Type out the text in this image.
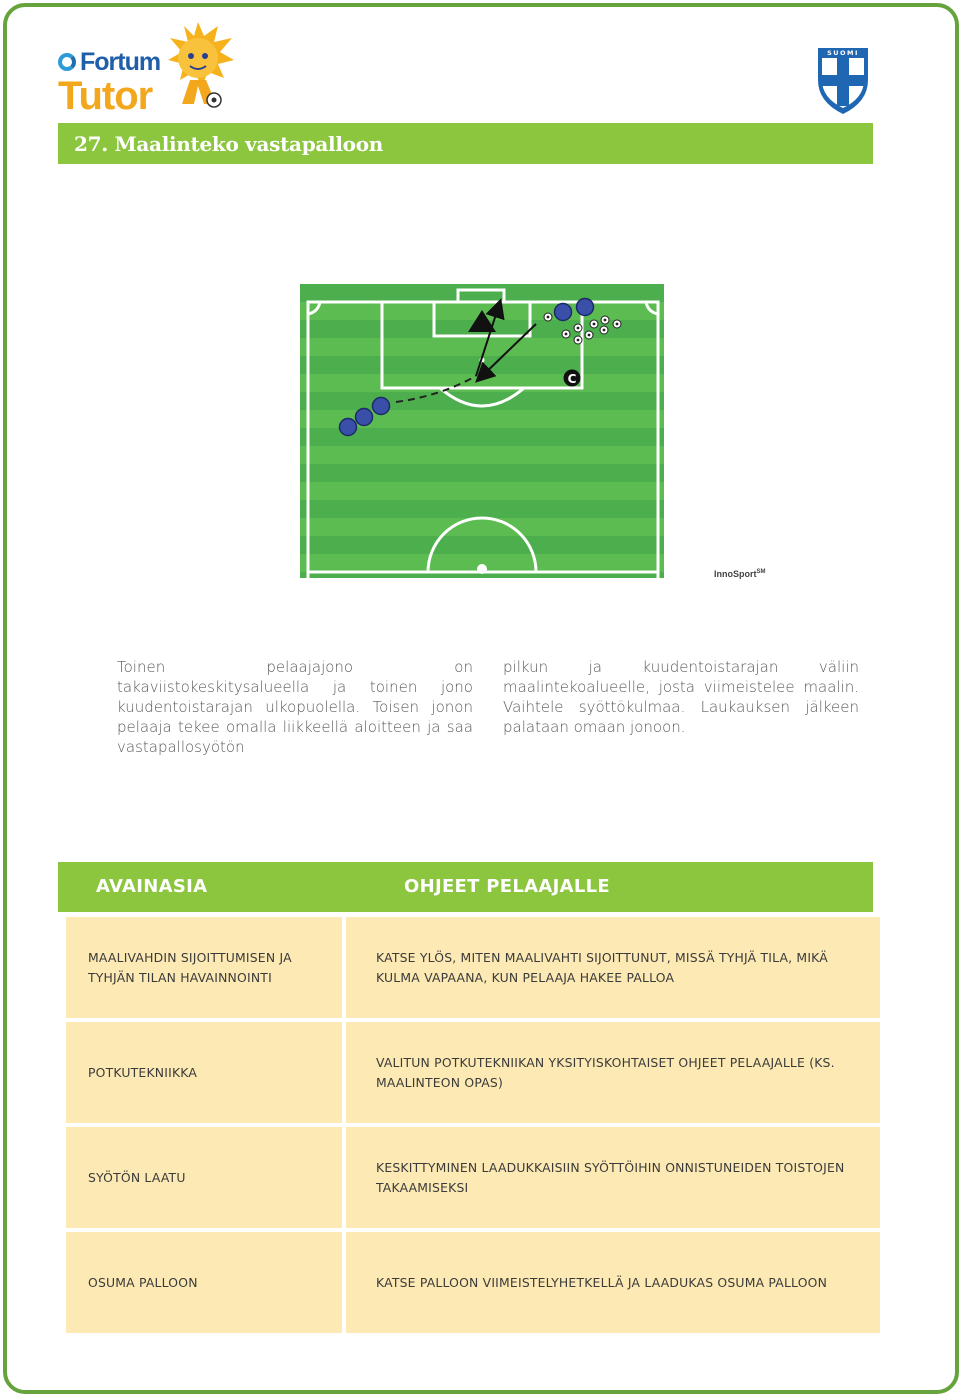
Fortum
Tutor
SUOMI
27. Maalinteko vastapalloon
C
InnoSport℠
Toinen pelaajajono on takaviistokeskitysalueella ja toinen jono kuudentoistarajan ulkopuolella. Toisen jonon pelaaja tekee omalla liikkeellä aloitteen ja saa vastapallosyötön
pilkun ja kuudentoistarajan väliin maalintekoalueelle, josta viimeistelee maalin. Vaihtele syöttökulmaa. Laukauksen jälkeen palataan omaan jonoon.
AVAINASIA	OHJEET PELAAJALLE
MAALIVAHDIN SIJOITTUMISEN JA TYHJÄN TILAN HAVAINNOINTI
KATSE YLÖS, MITEN MAALIVAHTI SIJOITTUNUT, MISSÄ TYHJÄ TILA, MIKÄ KULMA VAPAANA, KUN PELAAJA HAKEE PALLOA
POTKUTEKNIIKKA
VALITUN POTKUTEKNIIKAN YKSITYISKOHTAISET OHJEET PELAAJALLE (KS. MAALINTEON OPAS)
SYÖTÖN LAATU
KESKITTYMINEN LAADUKKAISIIN SYÖTTÖIHIN ONNISTUNEIDEN TOISTOJEN TAKAAMISEKSI
OSUMA PALLOON	KATSE PALLOON VIIMEISTELYHETKELLÄ JA LAADUKAS OSUMA PALLOON
